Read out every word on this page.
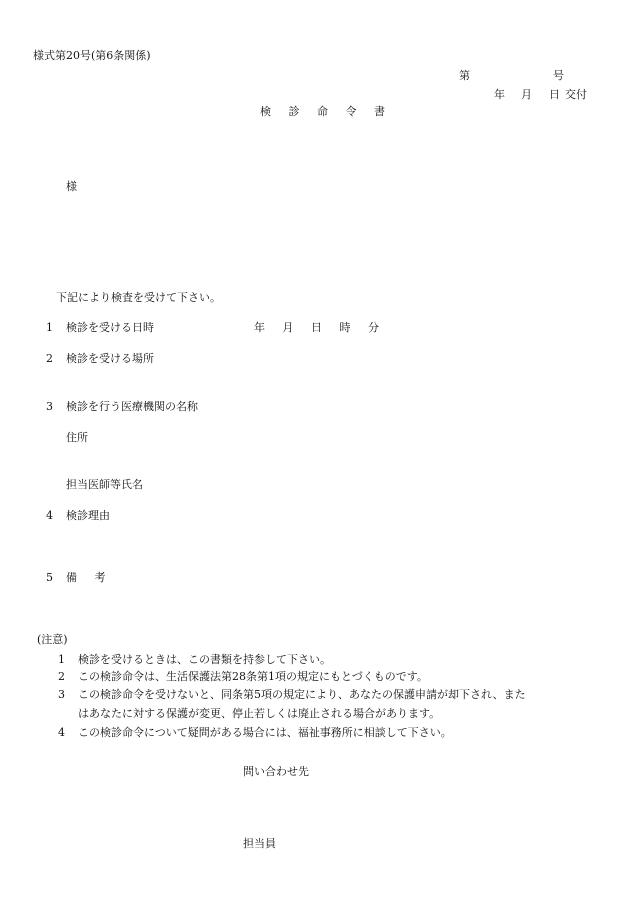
様式第20号(第6条関係)
第	号
年 月 日 交付
検 診 命 令 書
様
下記により検査を受けて下さい。
1 検診を受ける日時	年 月 日 時 分
2 検診を受ける場所
3 検診を行う医療機関の名称
住所
担当医師等氏名
4 検診理由
5 備 考
(注意)
1 検診を受けるときは、この書類を持参して下さい。
2 この検診命令は、生活保護法第28条第1項の規定にもとづくものです。
3 この検診命令を受けないと、同条第5項の規定により、あなたの保護申請が却下され、また
はあなたに対する保護が変更、停止若しくは廃止される場合があります。
4 この検診命令について疑問がある場合には、福祉事務所に相談して下さい。
問い合わせ先
担当員
